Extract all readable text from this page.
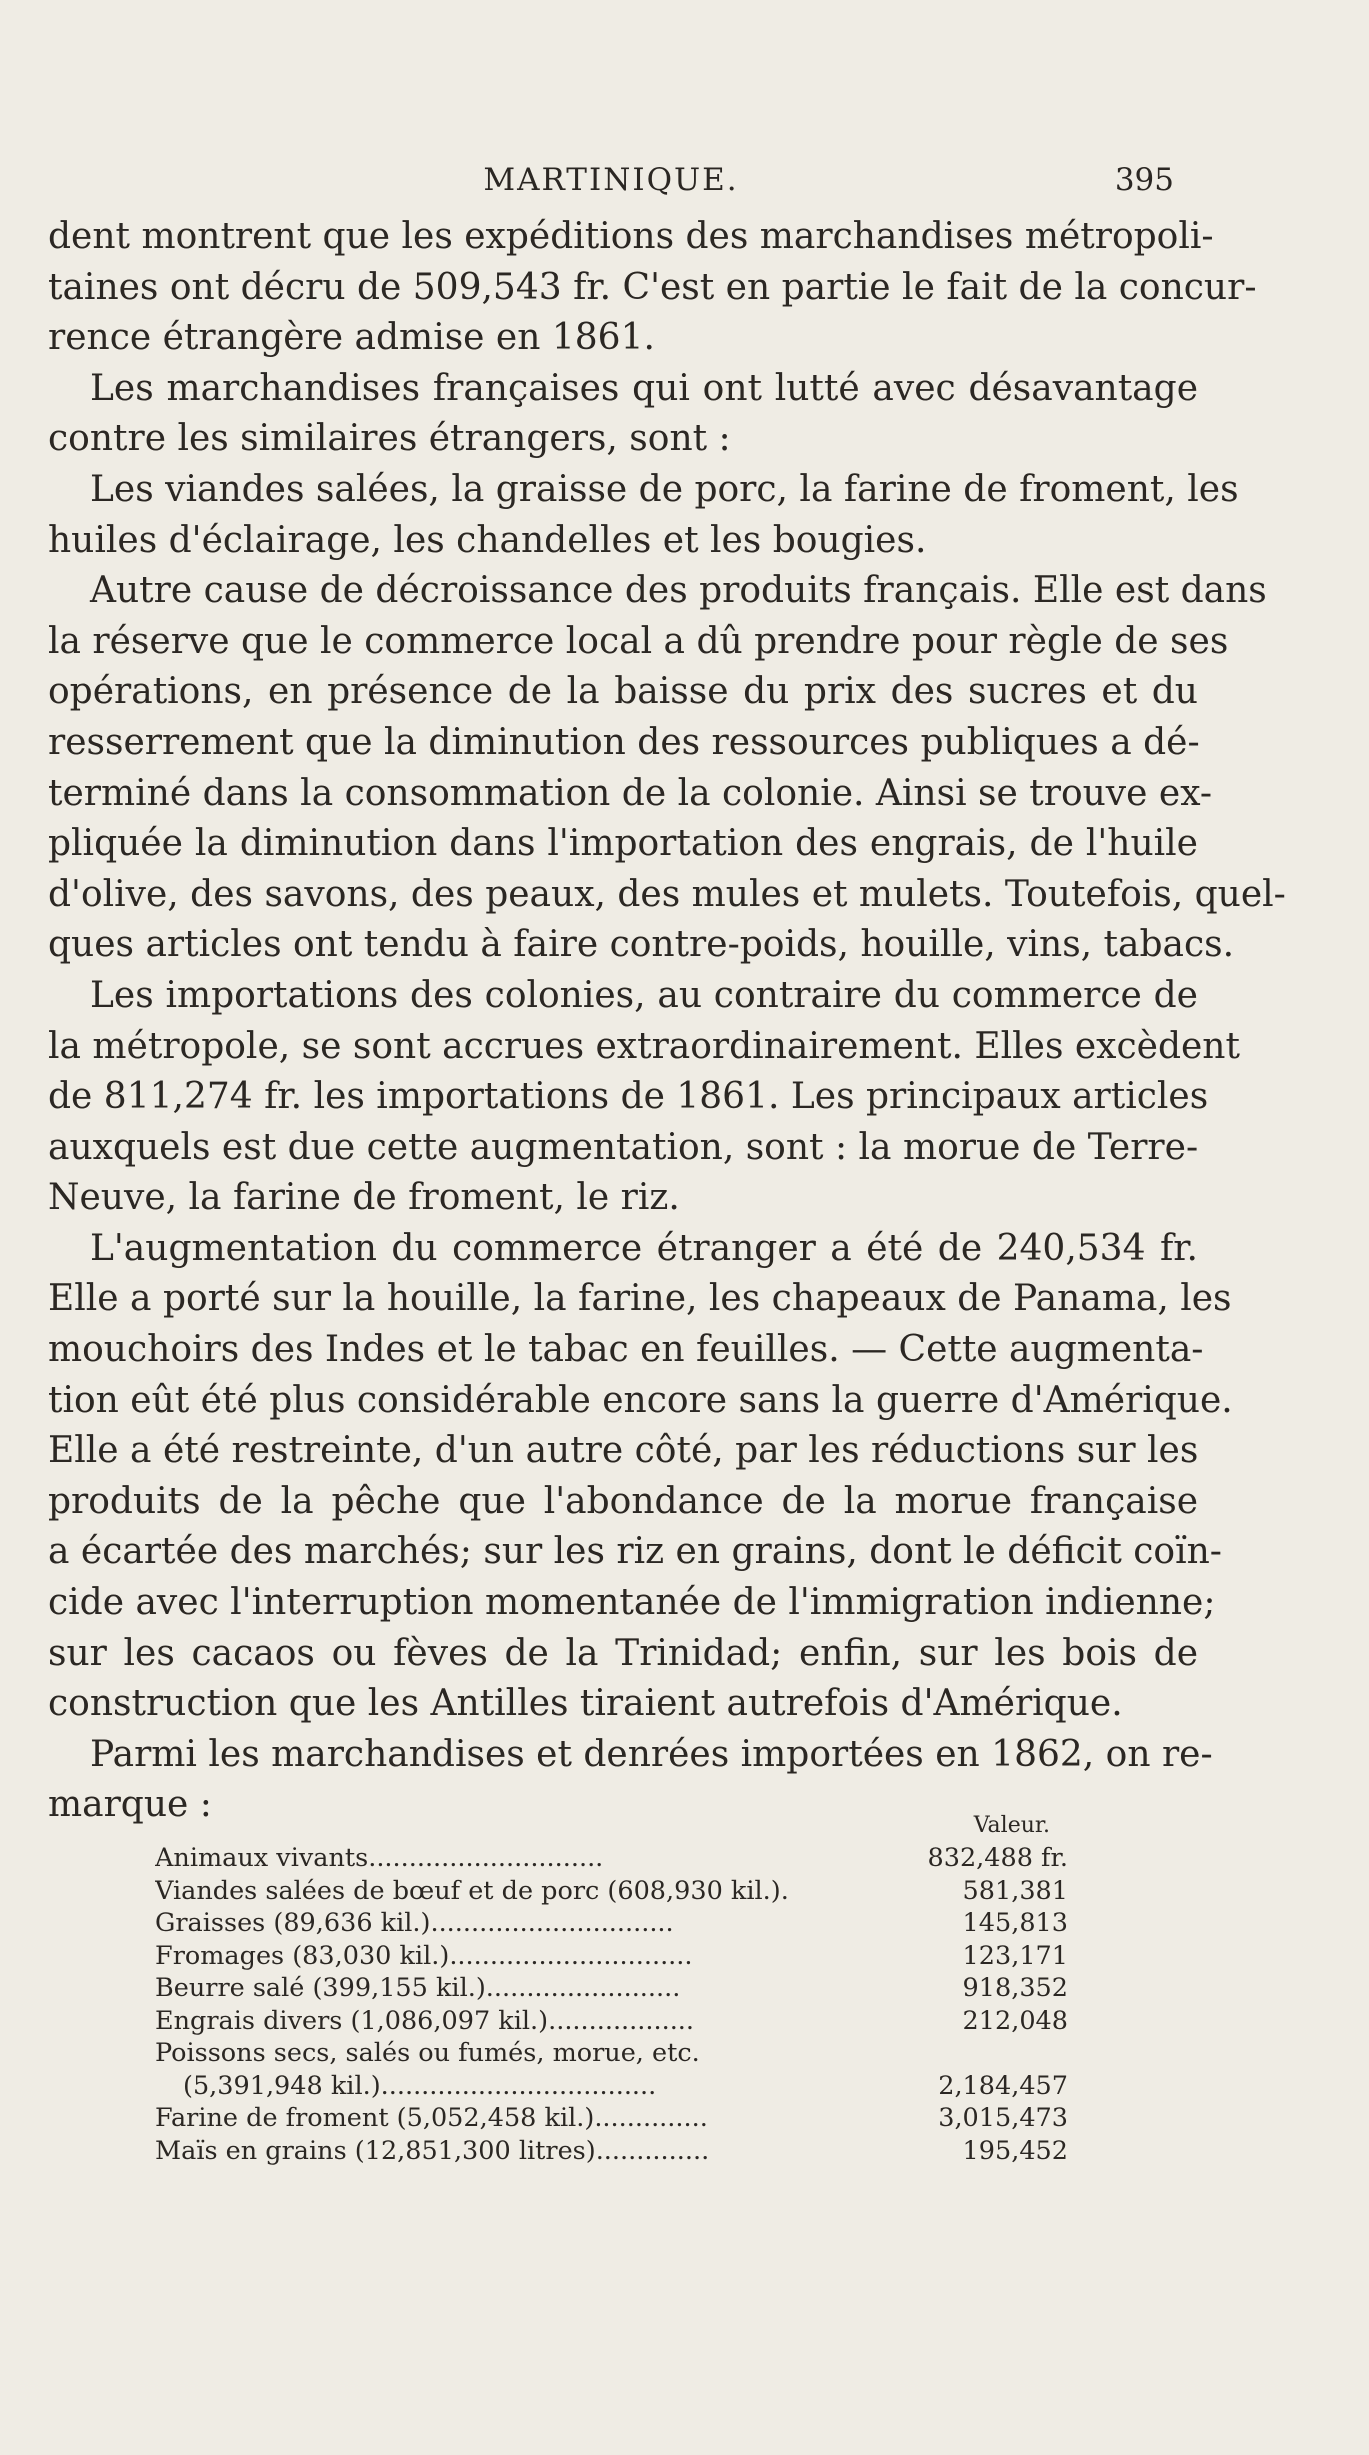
MARTINIQUE.	395
dent montrent que les expéditions des marchandises métropoli-
taines ont décru de 509,543 fr. C'est en partie le fait de la concur-
rence étrangère admise en 1861.
Les marchandises françaises qui ont lutté avec désavantage
contre les similaires étrangers, sont :
Les viandes salées, la graisse de porc, la farine de froment, les
huiles d'éclairage, les chandelles et les bougies.
Autre cause de décroissance des produits français. Elle est dans
la réserve que le commerce local a dû prendre pour règle de ses
opérations, en présence de la baisse du prix des sucres et du
resserrement que la diminution des ressources publiques a dé-
terminé dans la consommation de la colonie. Ainsi se trouve ex-
pliquée la diminution dans l'importation des engrais, de l'huile
d'olive, des savons, des peaux, des mules et mulets. Toutefois, quel-
ques articles ont tendu à faire contre-poids, houille, vins, tabacs.
Les importations des colonies, au contraire du commerce de
la métropole, se sont accrues extraordinairement. Elles excèdent
de 811,274 fr. les importations de 1861. Les principaux articles
auxquels est due cette augmentation, sont : la morue de Terre-
Neuve, la farine de froment, le riz.
L'augmentation du commerce étranger a été de 240,534 fr.
Elle a porté sur la houille, la farine, les chapeaux de Panama, les
mouchoirs des Indes et le tabac en feuilles. — Cette augmenta-
tion eût été plus considérable encore sans la guerre d'Amérique.
Elle a été restreinte, d'un autre côté, par les réductions sur les
produits de la pêche que l'abondance de la morue française
a écartée des marchés; sur les riz en grains, dont le déficit coïn-
cide avec l'interruption momentanée de l'immigration indienne;
sur les cacaos ou fèves de la Trinidad; enfin, sur les bois de
construction que les Antilles tiraient autrefois d'Amérique.
Parmi les marchandises et denrées importées en 1862, on re-
marque :
Valeur.
Animaux vivants.............................	832,488 fr.
Viandes salées de bœuf et de porc (608,930 kil.).	581,381
Graisses (89,636 kil.)..............................	145,813
Fromages (83,030 kil.)..............................	123,171
Beurre salé (399,155 kil.)........................	918,352
Engrais divers (1,086,097 kil.)..................	212,048
Poissons secs, salés ou fumés, morue, etc.
(5,391,948 kil.)..................................	2,184,457
Farine de froment (5,052,458 kil.)..............	3,015,473
Maïs en grains (12,851,300 litres)..............	195,452
